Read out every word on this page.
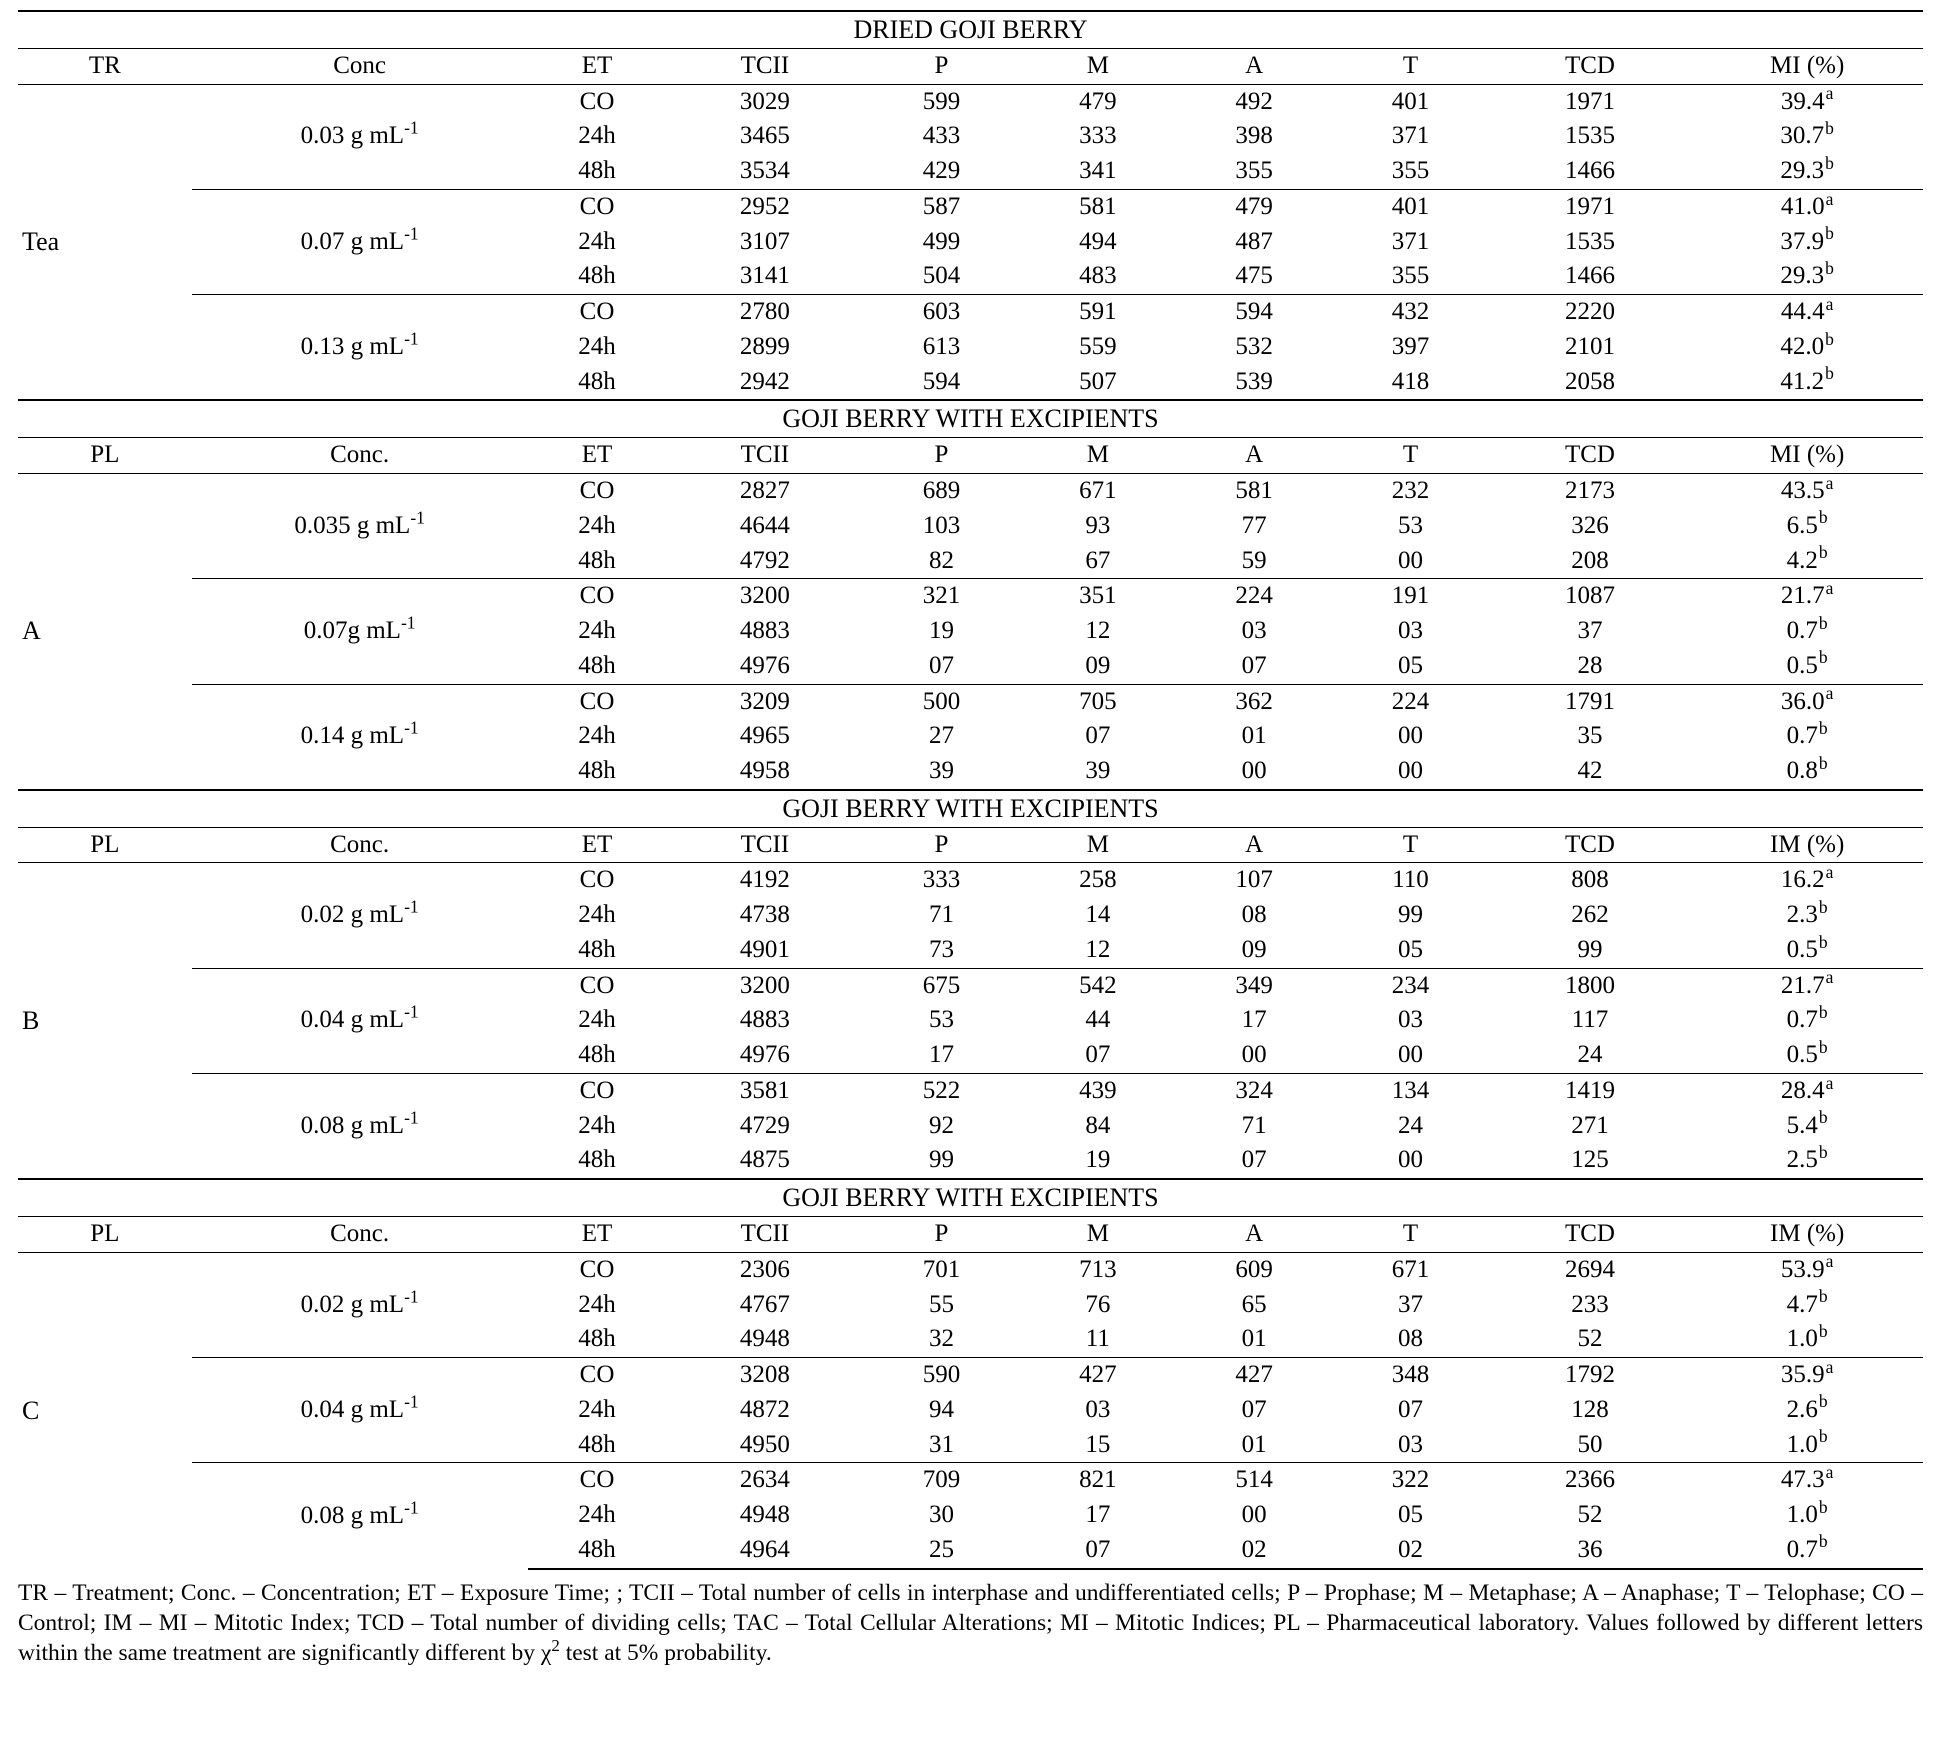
DRIED GOJI BERRY									
TR	Conc	ET	TCII	P	M	A	T	TCD	MI (%)
Tea	0.03 g $mL^{-1}$	CO	3029	599	479	492	401	1971	39.4$^a$
		24h	3465	433	333	398	371	1535	30.7$^b$
		48h	3534	429	341	355	355	1466	29.3$^b$
	0.07 g $mL^{-1}$	CO	2952	587	581	479	401	1971	41.0$^a$
		24h	3107	499	494	487	371	1535	37.9$^b$
		48h	3141	504	483	475	355	1466	29.3$^b$
	0.13 g $mL^{-1}$	CO	2780	603	591	594	432	2220	44.4$^a$
		24h	2899	613	559	532	397	2101	42.0$^b$
		48h	2942	594	507	539	418	2058	41.2$^b$
GOJI BERRY WITH EXCIPIENTS									
PL	Conc.	ET	TCII	P	M	A	T	TCD	MI (%)
A	0.035 g $mL^{-1}$	CO	2827	689	671	581	232	2173	43.5$^a$
		24h	4644	103	93	77	53	326	6.5$^b$
		48h	4792	82	67	59	00	208	4.2$^b$
	0.07g $mL^{-1}$	CO	3200	321	351	224	191	1087	21.7$^a$
		24h	4883	19	12	03	03	37	0.7$^b$
		48h	4976	07	09	07	05	28	0.5$^b$
	0.14 g $mL^{-1}$	CO	3209	500	705	362	224	1791	36.0$^a$
		24h	4965	27	07	01	00	35	0.7$^b$
		48h	4958	39	39	00	00	42	0.8$^b$
GOJI BERRY WITH EXCIPIENTS									
PL	Conc.	ET	TCII	P	M	A	T	TCD	IM (%)
B	0.02 g $mL^{-1}$	CO	4192	333	258	107	110	808	16.2$^a$
		24h	4738	71	14	08	99	262	2.3$^b$
		48h	4901	73	12	09	05	99	0.5$^b$
	0.04 g $mL^{-1}$	CO	3200	675	542	349	234	1800	21.7$^a$
		24h	4883	53	44	17	03	117	0.7$^b$
		48h	4976	17	07	00	00	24	0.5$^b$
	0.08 g $mL^{-1}$	CO	3581	522	439	324	134	1419	28.4$^a$
		24h	4729	92	84	71	24	271	5.4$^b$
		48h	4875	99	19	07	00	125	2.5$^b$
GOJI BERRY WITH EXCIPIENTS									
PL	Conc.	ET	TCII	P	M	A	T	TCD	IM (%)
C	0.02 g $mL^{-1}$	CO	2306	701	713	609	671	2694	53.9$^a$
		24h	4767	55	76	65	37	233	4.7$^b$
		48h	4948	32	11	01	08	52	1.0$^b$
	0.04 g $mL^{-1}$	CO	3208	590	427	427	348	1792	35.9$^a$
		24h	4872	94	03	07	07	128	2.6$^b$
		48h	4950	31	15	01	03	50	1.0$^b$
	0.08 g $mL^{-1}$	CO	2634	709	821	514	322	2366	47.3$^a$
		24h	4948	30	17	00	05	52	1.0$^b$
		48h	4964	25	07	02	02	36	0.7$^b$
TR – Treatment; Conc. – Concentration; ET – Exposure Time; ; TCII – Total number of cells in interphase and undifferentiated cells; P – Prophase; M – Metaphase; A – Anaphase; T – Telophase; CO – Control; IM – MI – Mitotic Index; TCD – Total number of dividing cells; TAC – Total Cellular Alterations; MI – Mitotic Indices; PL – Pharmaceutical laboratory. Values followed by different letters within the same treatment are significantly different by $\chi^2$ test at 5% probability.
